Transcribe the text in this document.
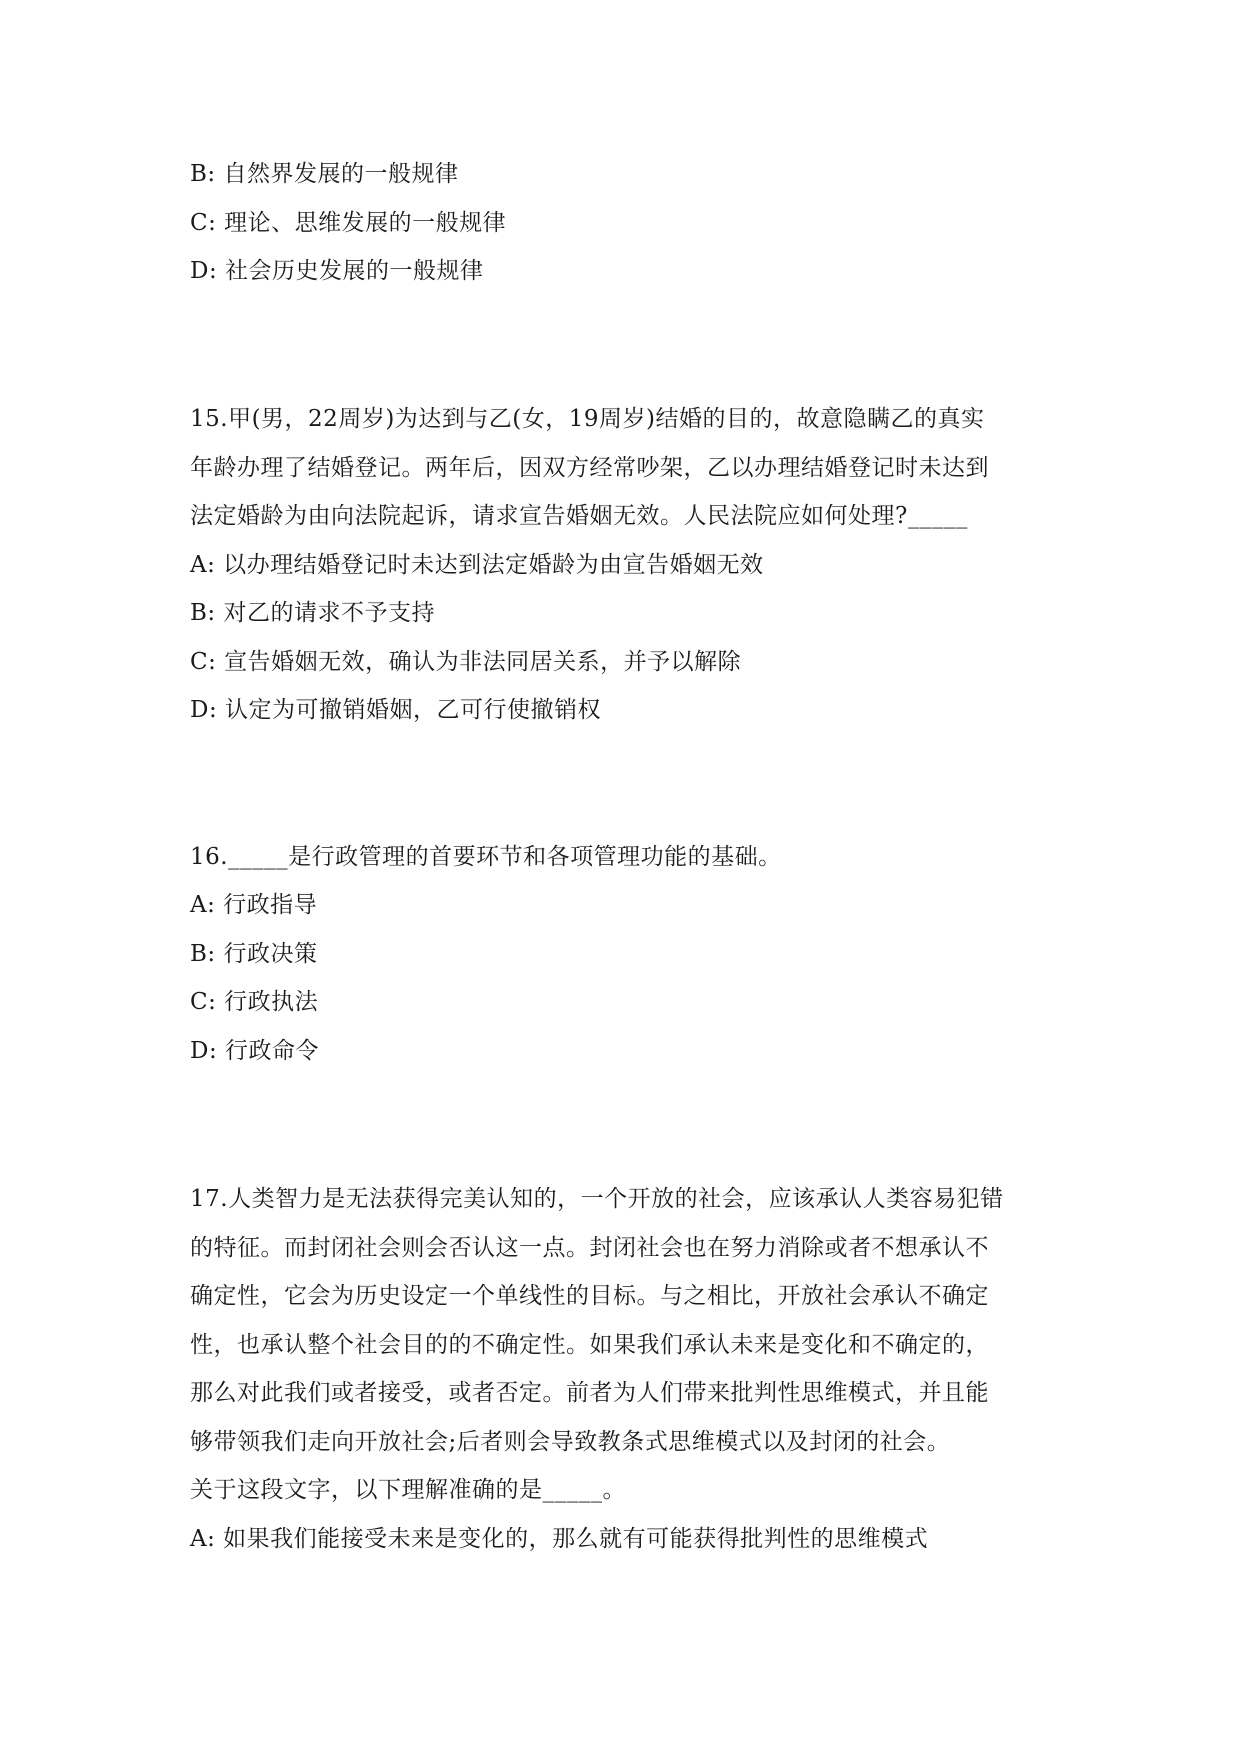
B: 自然界发展的一般规律
C: 理论、思维发展的一般规律
D: 社会历史发展的一般规律
15.甲(男，22周岁)为达到与乙(女，19周岁)结婚的目的，故意隐瞒乙的真实
年龄办理了结婚登记。两年后，因双方经常吵架，乙以办理结婚登记时未达到
法定婚龄为由向法院起诉，请求宣告婚姻无效。人民法院应如何处理?_____
A: 以办理结婚登记时未达到法定婚龄为由宣告婚姻无效
B: 对乙的请求不予支持
C: 宣告婚姻无效，确认为非法同居关系，并予以解除
D: 认定为可撤销婚姻，乙可行使撤销权
16._____是行政管理的首要环节和各项管理功能的基础。
A: 行政指导
B: 行政决策
C: 行政执法
D: 行政命令
17.人类智力是无法获得完美认知的，一个开放的社会，应该承认人类容易犯错
的特征。而封闭社会则会否认这一点。封闭社会也在努力消除或者不想承认不
确定性，它会为历史设定一个单线性的目标。与之相比，开放社会承认不确定
性，也承认整个社会目的的不确定性。如果我们承认未来是变化和不确定的，
那么对此我们或者接受，或者否定。前者为人们带来批判性思维模式，并且能
够带领我们走向开放社会;后者则会导致教条式思维模式以及封闭的社会。
关于这段文字，以下理解准确的是_____。
A: 如果我们能接受未来是变化的，那么就有可能获得批判性的思维模式
